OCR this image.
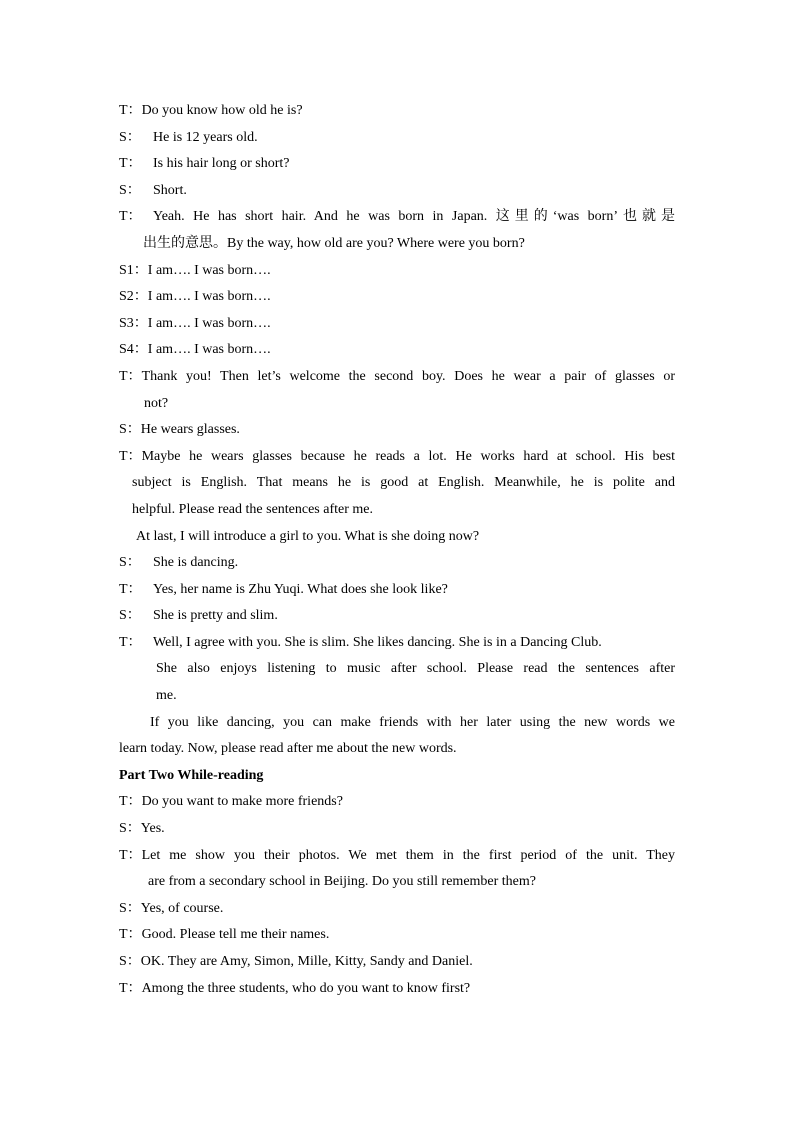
T： Do you know how old he is?
S： He is 12 years old.
T： Is his hair long or short?
S： Short.
T： Yeah. He has short hair. And he was born in Japan. 这里的‘was born’也就是
出生的意思。By the way, how old are you? Where were you born?
S1： I am…. I was born….
S2： I am…. I was born….
S3： I am…. I was born….
S4： I am…. I was born….
T： Thank you! Then let’s welcome the second boy. Does he wear a pair of glasses or
not?
S： He wears glasses.
T： Maybe he wears glasses because he reads a lot. He works hard at school. His best
subject is English. That means he is good at English. Meanwhile, he is polite and
helpful. Please read the sentences after me.
At last, I will introduce a girl to you. What is she doing now?
S： She is dancing.
T： Yes, her name is Zhu Yuqi. What does she look like?
S： She is pretty and slim.
T： Well, I agree with you. She is slim. She likes dancing. She is in a Dancing Club.
She also enjoys listening to music after school. Please read the sentences after
me.
If you like dancing, you can make friends with her later using the new words we
learn today. Now, please read after me about the new words.
Part Two While-reading
T： Do you want to make more friends?
S： Yes.
T： Let me show you their photos. We met them in the first period of the unit. They
are from a secondary school in Beijing. Do you still remember them?
S： Yes, of course.
T： Good. Please tell me their names.
S： OK. They are Amy, Simon, Mille, Kitty, Sandy and Daniel.
T： Among the three students, who do you want to know first?
